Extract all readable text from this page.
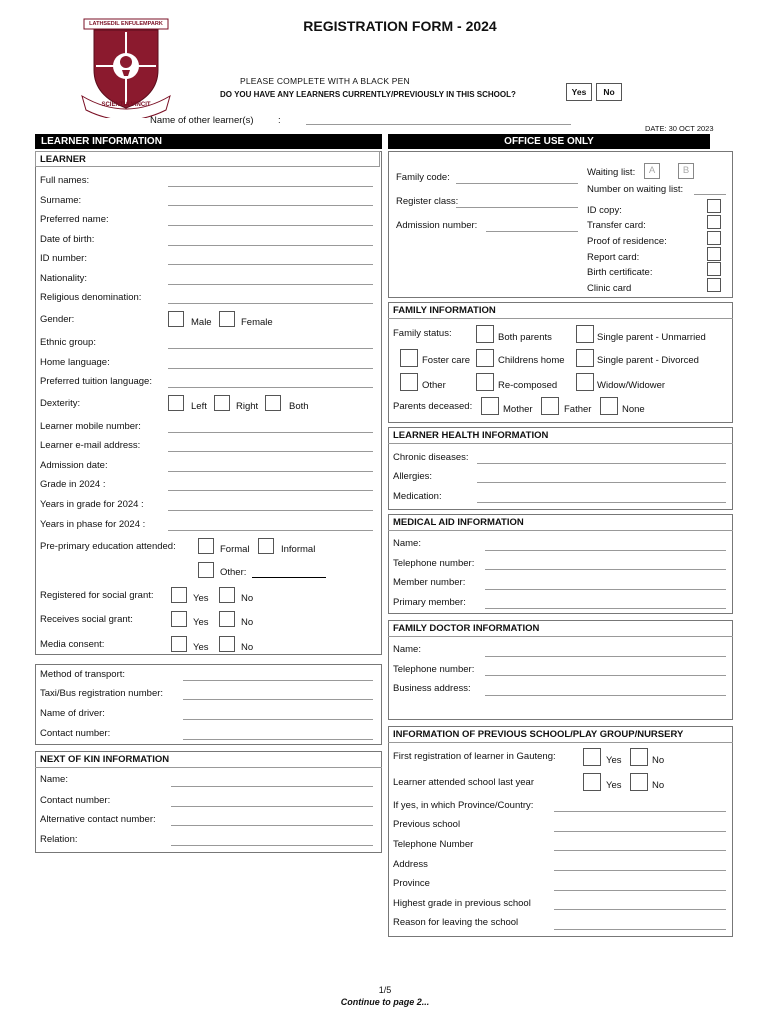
LATHSEDIL ENFULEMPARK
SCIENTIA VINCIT
REGISTRATION FORM - 2024
PLEASE COMPLETE WITH A BLACK PEN
DO YOU HAVE ANY LEARNERS CURRENTLY/PREVIOUSLY IN THIS SCHOOL?	Yes	No
Name of other learner(s)	:
DATE: 30 OCT 2023
LEARNER INFORMATION
LEARNER
Full names:
Surname:
Preferred name:
Date of birth:
ID number:
Nationality:
Religious denomination:
Gender:	Male	Female
Ethnic group:
Home language:
Preferred tuition language:
Dexterity:	Left	Right	Both
Learner mobile number:
Learner e-mail address:
Admission date:
Grade in 2024 :
Years in grade for 2024 :
Years in phase for 2024 :
Pre-primary education attended:	Formal	Informal
Other:
Registered for social grant:	Yes	No
Receives social grant:	Yes	No
Media consent:	Yes	No
Method of transport:
Taxi/Bus registration number:
Name of driver:
Contact number:
NEXT OF KIN INFORMATION
Name:
Contact number:
Alternative contact number:
Relation:
OFFICE USE ONLY
Family code:
Register class:
Admission number:
Waiting list:	A	B
Number on waiting list:
ID copy:
Transfer card:
Proof of residence:
Report card:
Birth certificate:
Clinic card
FAMILY INFORMATION
Family status:	Both parents	Single parent - Unmarried
Foster care	Childrens home	Single parent - Divorced
Other	Re-composed	Widow/Widower
Parents deceased:	Mother	Father	None
LEARNER HEALTH INFORMATION
Chronic diseases:
Allergies:
Medication:
MEDICAL AID INFORMATION
Name:
Telephone number:
Member number:
Primary member:
FAMILY DOCTOR INFORMATION
Name:
Telephone number:
Business address:
INFORMATION OF PREVIOUS SCHOOL/PLAY GROUP/NURSERY
First registration of learner in Gauteng:	Yes	No
Learner attended school last year	Yes	No
If yes, in which Province/Country:
Previous school
Telephone Number
Address
Province
Highest grade in previous school
Reason for leaving the school
1/5
Continue to page 2...
